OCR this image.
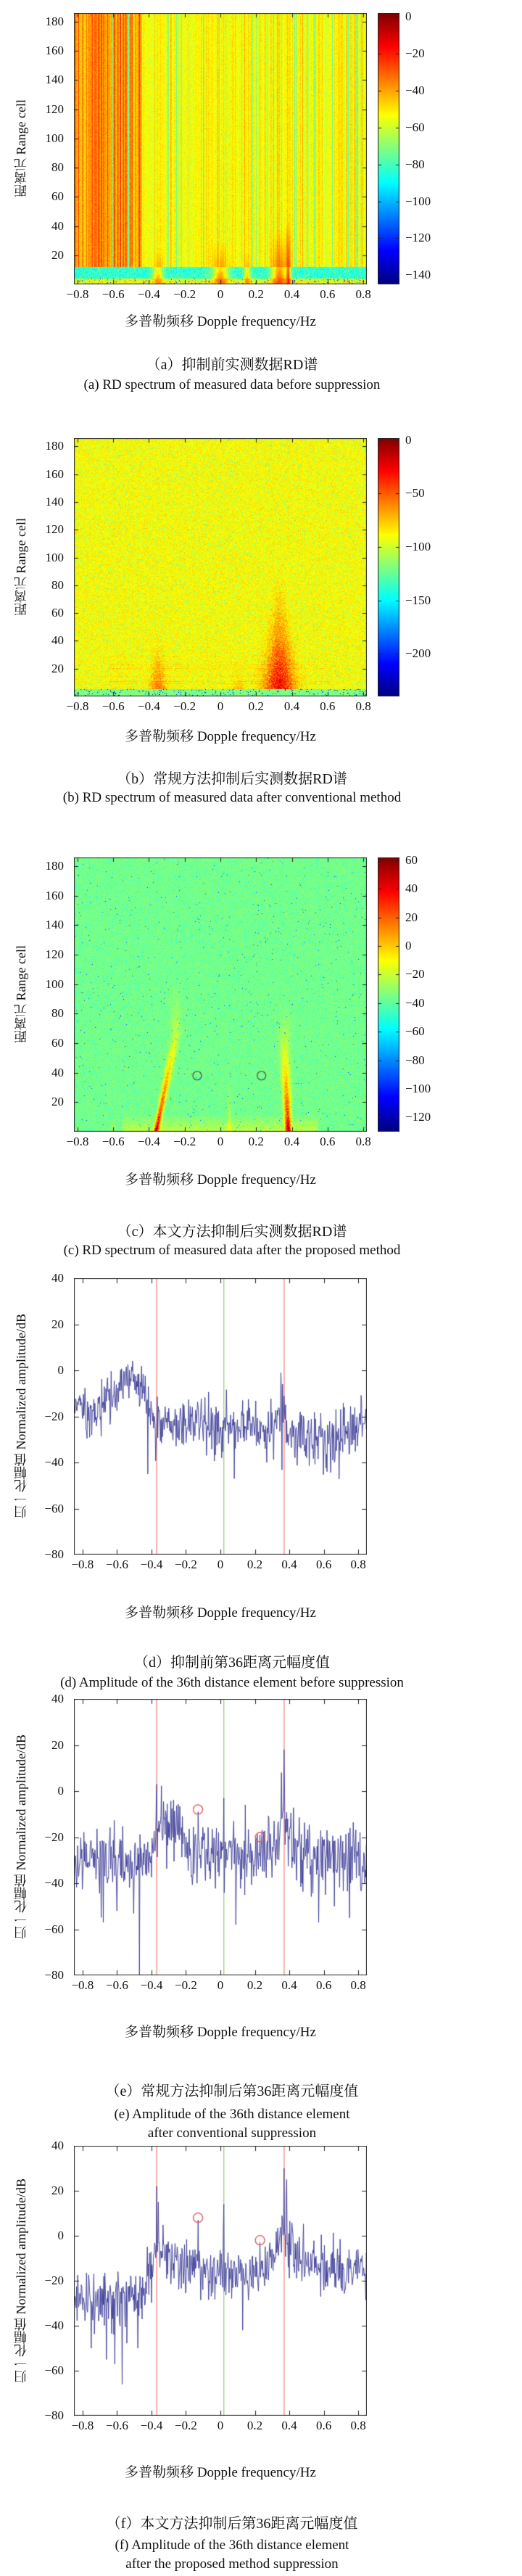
距离元 Range cell
180
160
140
120
100
80
60
40
20
−0.8 −0.6 −0.4 −0.2 0 0.2 0.4 0.6 0.8
0
−20
−40
−60
−80
−100
−120
−140
多普勒频移 Dopple frequency/Hz
（a）抑制前实测数据RD谱
(a) RD spectrum of measured data before suppression
距离元 Range cell
180
160
140
120
100
80
60
40
20
−0.8 −0.6 −0.4 −0.2 0 0.2 0.4 0.6 0.8
0
−50
−100
−150
−200
多普勒频移 Dopple frequency/Hz
（b）常规方法抑制后实测数据RD谱
(b) RD spectrum of measured data after conventional method
距离元 Range cell
180
160
140
120
100
80
60
40
20
−0.8 −0.6 −0.4 −0.2 0 0.2 0.4 0.6 0.8
60
40
20
0
−20
−40
−60
−80
−100
−120
多普勒频移 Dopple frequency/Hz
（c）本文方法抑制后实测数据RD谱
(c) RD spectrum of measured data after the proposed method
归一化幅值 Normalized amplitude/dB
40
20
0
−20
−40
−60
−80
−0.8 −0.6 −0.4 −0.2 0 0.2 0.4 0.6 0.8
多普勒频移 Dopple frequency/Hz
（d）抑制前第36距离元幅度值
(d) Amplitude of the 36th distance element before suppression
归一化幅值 Normalized amplitude/dB
40
20
0
−20
−40
−60
−80
−0.8 −0.6 −0.4 −0.2 0 0.2 0.4 0.6 0.8
多普勒频移 Dopple frequency/Hz
（e）常规方法抑制后第36距离元幅度值
(e) Amplitude of the 36th distance element
after conventional suppression
归一化幅值 Normalized amplitude/dB
40
20
0
−20
−40
−60
−80
−0.8 −0.6 −0.4 −0.2 0 0.2 0.4 0.6 0.8
多普勒频移 Dopple frequency/Hz
（f）本文方法抑制后第36距离元幅度值
(f) Amplitude of the 36th distance element
after the proposed method suppression
